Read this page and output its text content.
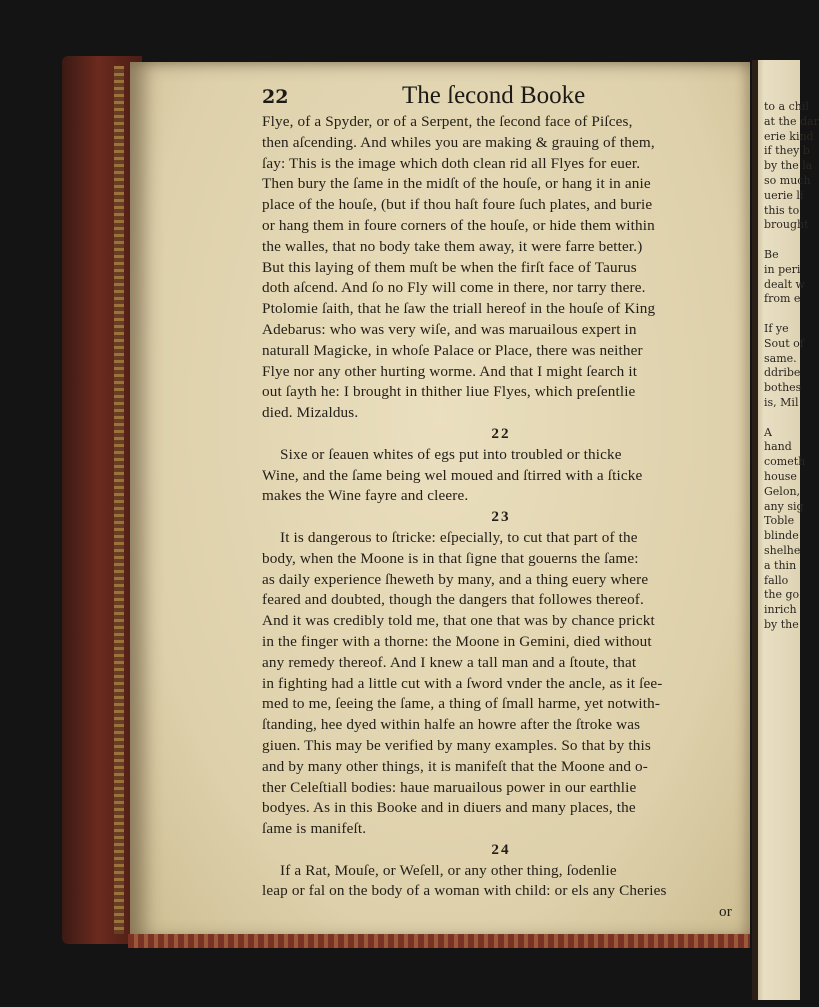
to a chil
at the dar
erie kind
if they b
by the la
so much
uerie li
this to
brought
Be
in peri
dealt w
from e
If ye
Sout of
same.
ddribe
bothes
is, Mil
A
hand
cometh
house
Gelon,
any sig
Toble
blinde
shelhe
a thin
fallo
the go
inrich
by the
22	The ſecond Booke
Flye, of a Spyder, or of a Serpent, the ſecond face of Piſces,
then aſcending. And whiles you are making & grauing of them,
ſay: This is the image which doth clean rid all Flyes for euer.
Then bury the ſame in the midſt of the houſe, or hang it in anie
place of the houſe, (but if thou haſt foure ſuch plates, and burie
or hang them in foure corners of the houſe, or hide them within
the walles, that no body take them away, it were farre better.)
But this laying of them muſt be when the firſt face of Taurus
doth aſcend. And ſo no Fly will come in there, nor tarry there.
Ptolomie ſaith, that he ſaw the triall hereof in the houſe of King
Adebarus: who was very wiſe, and was maruailous expert in
naturall Magicke, in whoſe Palace or Place, there was neither
Flye nor any other hurting worme. And that I might ſearch it
out ſayth he: I brought in thither liue Flyes, which preſentlie
died. Mizaldus.
22
Sixe or ſeauen whites of egs put into troubled or thicke
Wine, and the ſame being wel moued and ſtirred with a ſticke
makes the Wine fayre and cleere.
23
It is dangerous to ſtricke: eſpecially, to cut that part of the
body, when the Moone is in that ſigne that gouerns the ſame:
as daily experience ſheweth by many, and a thing euery where
feared and doubted, though the dangers that followes thereof.
And it was credibly told me, that one that was by chance prickt
in the finger with a thorne: the Moone in Gemini, died without
any remedy thereof. And I knew a tall man and a ſtoute, that
in fighting had a little cut with a ſword vnder the ancle, as it ſee-
med to me, ſeeing the ſame, a thing of ſmall harme, yet notwith-
ſtanding, hee dyed within halfe an howre after the ſtroke was
giuen. This may be verified by many examples. So that by this
and by many other things, it is manifeſt that the Moone and o-
ther Celeſtiall bodies: haue maruailous power in our earthlie
bodyes. As in this Booke and in diuers and many places, the
ſame is manifeſt.
24
If a Rat, Mouſe, or Weſell, or any other thing, ſodenlie
leap or fal on the body of a woman with child: or els any Cheries
or
